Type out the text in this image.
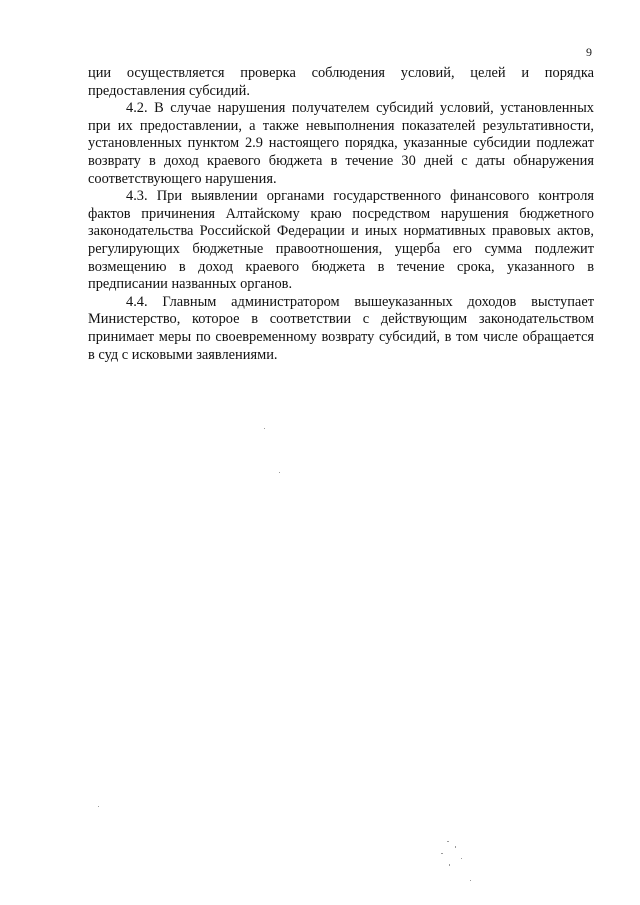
9

ции осуществляется проверка соблюдения условий, целей и порядка предоставления субсидий.

4.2. В случае нарушения получателем субсидий условий, установленных при их предоставлении, а также невыполнения показателей результативности, установленных пунктом 2.9 настоящего порядка, указанные субсидии подлежат возврату в доход краевого бюджета в течение 30 дней с даты обнаружения соответствующего нарушения.

4.3. При выявлении органами государственного финансового контроля фактов причинения Алтайскому краю посредством нарушения бюджетного законодательства Российской Федерации и иных нормативных правовых актов, регулирующих бюджетные правоотношения, ущерба его сумма подлежит возмещению в доход краевого бюджета в течение срока, указанного в предписании названных органов.

4.4. Главным администратором вышеуказанных доходов выступает Министерство, которое в соответствии с действующим законодательством принимает меры по своевременному возврату субсидий, в том числе обращается в суд с исковыми заявлениями.
